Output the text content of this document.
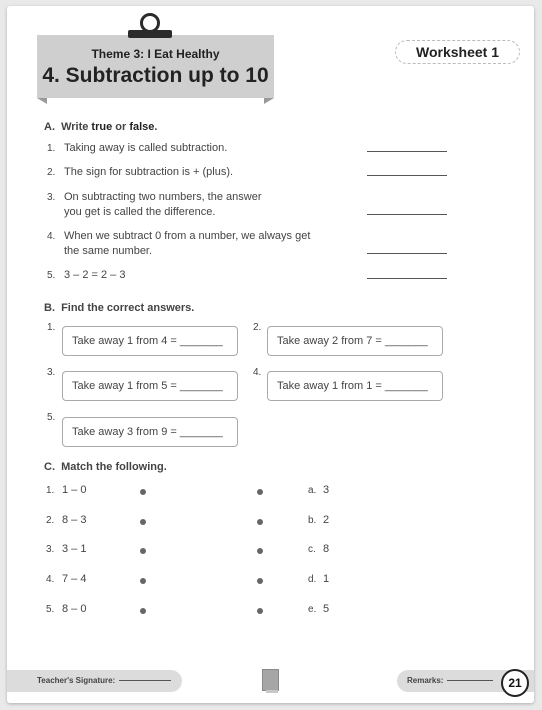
Theme 3: I Eat Healthy
4. Subtraction up to 10
Worksheet 1
A. Write true or false.
1. Taking away is called subtraction.
2. The sign for subtraction is + (plus).
3. On subtracting two numbers, the answer
you get is called the difference.
4. When we subtract 0 from a number, we always get
the same number.
5. 3 – 2 = 2 – 3
B. Find the correct answers.
1.
Take away 1 from 4 = _______
2.
Take away 2 from 7 = _______
3.
Take away 1 from 5 = _______
4.
Take away 1 from 1 = _______
5.
Take away 3 from 9 = _______
C. Match the following.
1. 1 – 0	a. 3
2. 8 – 3	b. 2
3. 3 – 1	c. 8
4. 7 – 4	d. 1
5. 8 – 0	e. 5
Teacher's Signature:	Remarks:	21
